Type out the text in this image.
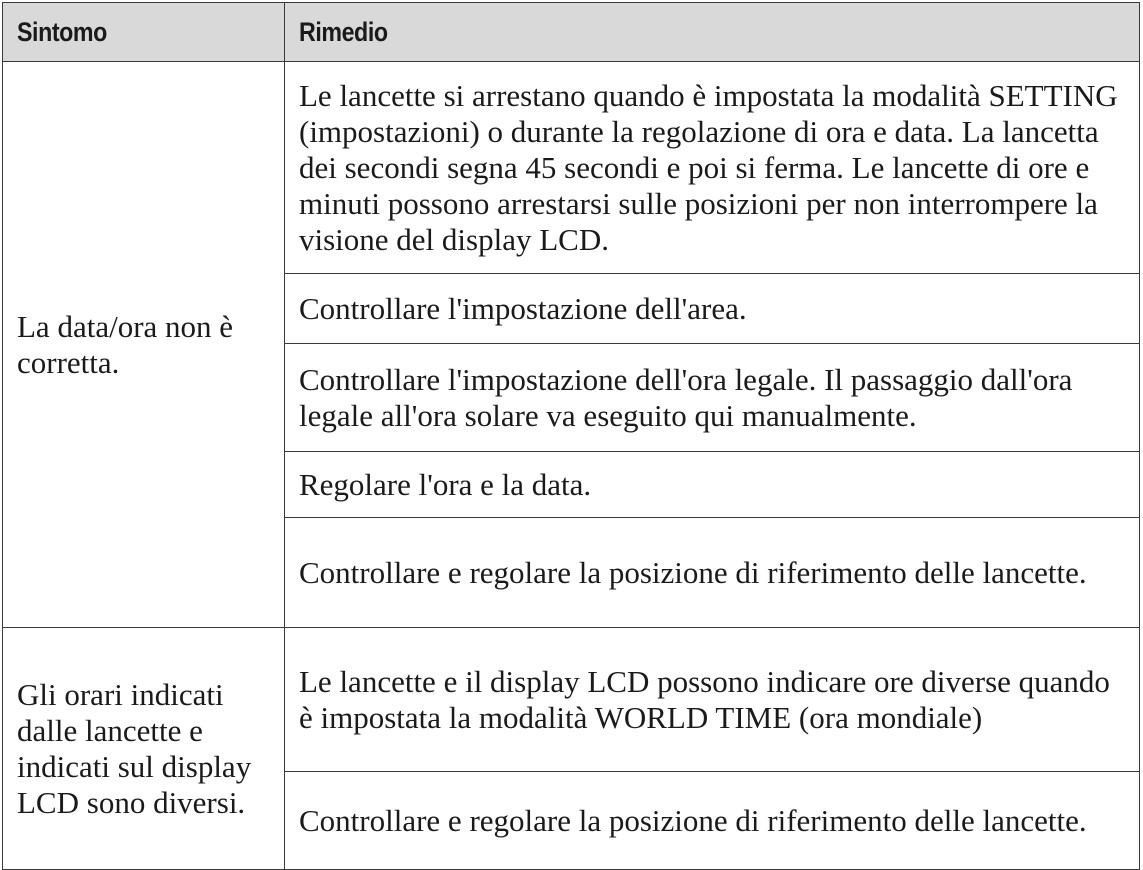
Sintomo	Rimedio
La data/ora non è corretta.	Le lancette si arrestano quando è impostata la modalità SETTING (impostazioni) o durante la regolazione di ora e data. La lancetta dei secondi segna 45 secondi e poi si ferma. Le lancette di ore e minuti possono arrestarsi sulle posizioni per non interrompere la visione del display LCD.
	Controllare l'impostazione dell'area.
	Controllare l'impostazione dell'ora legale. Il passaggio dall'ora legale all'ora solare va eseguito qui manualmente.
	Regolare l'ora e la data.
	Controllare e regolare la posizione di riferimento delle lancette.
Gli orari indicati dalle lancette e indicati sul display LCD sono diversi.	Le lancette e il display LCD possono indicare ore diverse quando è impostata la modalità WORLD TIME (ora mondiale)
	Controllare e regolare la posizione di riferimento delle lancette.
